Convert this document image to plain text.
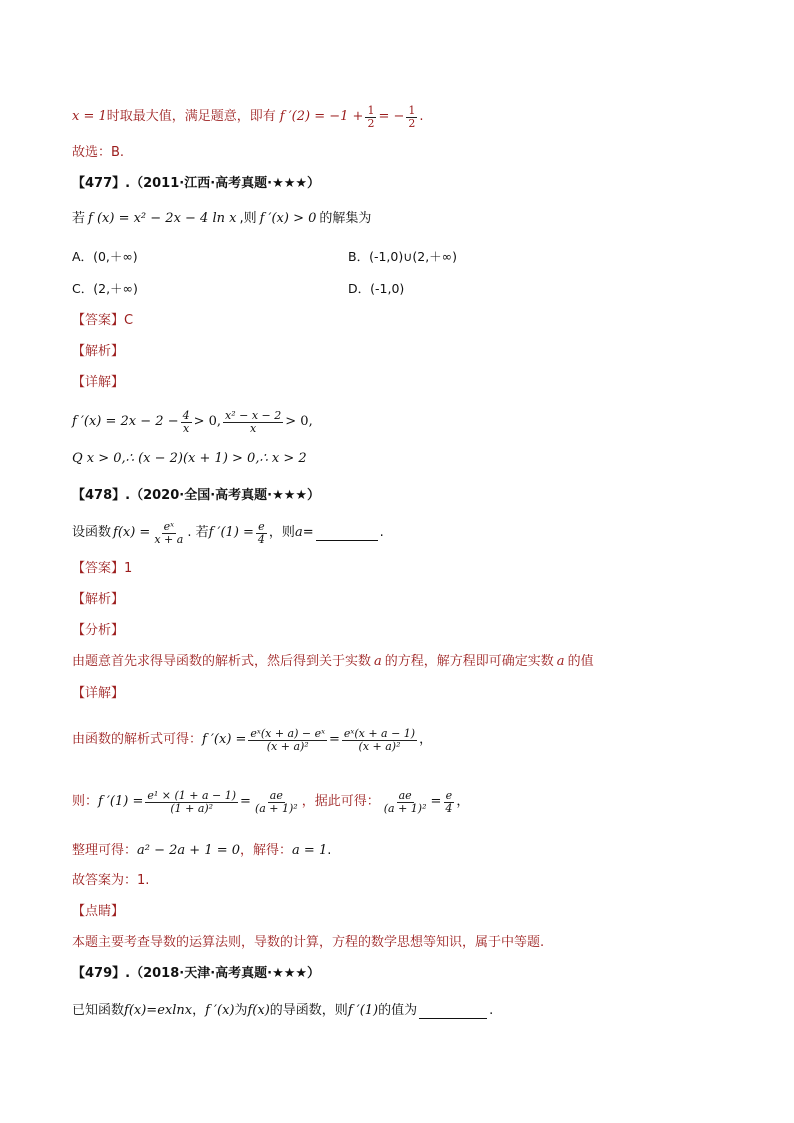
x = 1 时取最大值，满足题意，即有 f $'(2) = -1 + \frac{1}{2}$ = − $\frac{1}{2}$ .
故选：B.
【477】.（2011·江西·高考真题·★★★）
若 f (x) = x² − 2x − 4 ln x ,则 f ′(x) > 0 的解集为
A．(0,＋∞)	B．(-1,0)∪(2,＋∞)
C．(2,＋∞)	D．(-1,0)
【答案】C
【解析】
【详解】
f $'(x) = 2x - 2 - \frac{4}{x} > 0$, $\frac{\text{x² − x − 2}}{x} > 0$,
Q x > 0,∴ (x − 2)(x + 1) > 0,∴ x > 2
【478】.（2020·全国·高考真题·★★★）
设函数 $f(x) = \frac{\text{eˣ}}{x + a}$ . 若 f $'(1) = \frac{e}{4}$ ，则 a =	.
【答案】1
【解析】
【分析】
由题意首先求得导函数的解析式，然后得到关于实数 a 的方程，解方程即可确定实数 a 的值
【详解】
由函数的解析式可得： f $'(x) = \frac{\text{eˣ(x + a) − eˣ}}{\text{(x + a)²}} = \frac{\text{eˣ(x + a − 1)}}{\text{(x + a)²}}$ ，
则： f $'(1) = \frac{\text{e¹ × (1 + a − 1)}}{\text{(1 + a)²}} = \frac{ae}{\text{(a + 1)²}}$ ，据此可得： $\frac{ae}{\text{(a + 1)²}} = \frac{e}{4}$ ，
整理可得： a² − 2a + 1 = 0 ，解得： a = 1 .
故答案为：1.
【点睛】
本题主要考查导数的运算法则，导数的计算，方程的数学思想等知识，属于中等题.
【479】.（2018·天津·高考真题·★★★）
已知函数 f(x)=exlnx ， f ′(x) 为 f(x) 的导函数，则 f ′(1) 的值为	.
